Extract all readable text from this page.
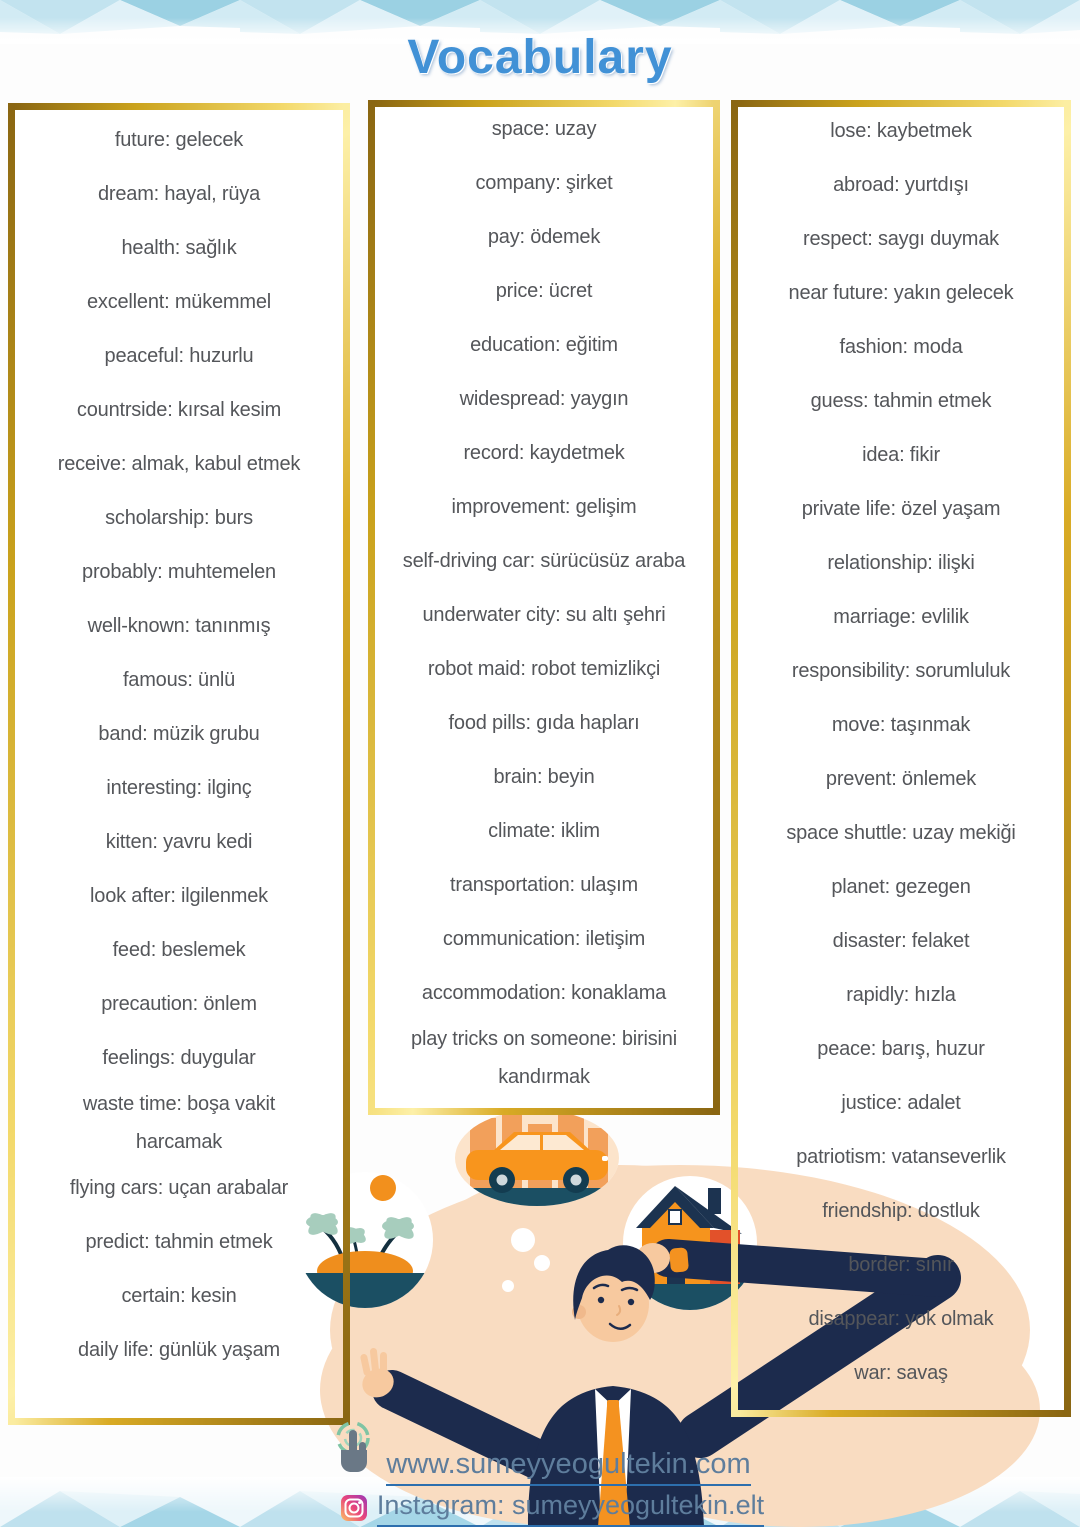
Vocabulary
future: gelecek
dream: hayal, rüya
health: sağlık
excellent: mükemmel
peaceful: huzurlu
countrside: kırsal kesim
receive: almak, kabul etmek
scholarship: burs
probably: muhtemelen
well-known: tanınmış
famous: ünlü
band: müzik grubu
interesting: ilginç
kitten: yavru kedi
look after: ilgilenmek
feed: beslemek
precaution: önlem
feelings: duygular
waste time: boşa vakit harcamak
flying cars: uçan arabalar
predict: tahmin etmek
certain: kesin
daily life: günlük yaşam
space: uzay
company: şirket
pay: ödemek
price: ücret
education: eğitim
widespread: yaygın
record: kaydetmek
improvement: gelişim
self-driving car: sürücüsüz araba
underwater city: su altı şehri
robot maid: robot temizlikçi
food pills: gıda hapları
brain: beyin
climate: iklim
transportation: ulaşım
communication: iletişim
accommodation: konaklama
play tricks on someone: birisini kandırmak
lose: kaybetmek
abroad: yurtdışı
respect: saygı duymak
near future: yakın gelecek
fashion: moda
guess: tahmin etmek
idea: fikir
private life: özel yaşam
relationship: ilişki
marriage: evlilik
responsibility: sorumluluk
move: taşınmak
prevent: önlemek
space shuttle: uzay mekiği
planet: gezegen
disaster: felaket
rapidly: hızla
peace: barış, huzur
justice: adalet
patriotism: vatanseverlik
friendship: dostluk
border: sınır
disappear: yok olmak
war: savaş
www.sumeyyeogultekin.com
Instagram: sumeyyeogultekin.elt
